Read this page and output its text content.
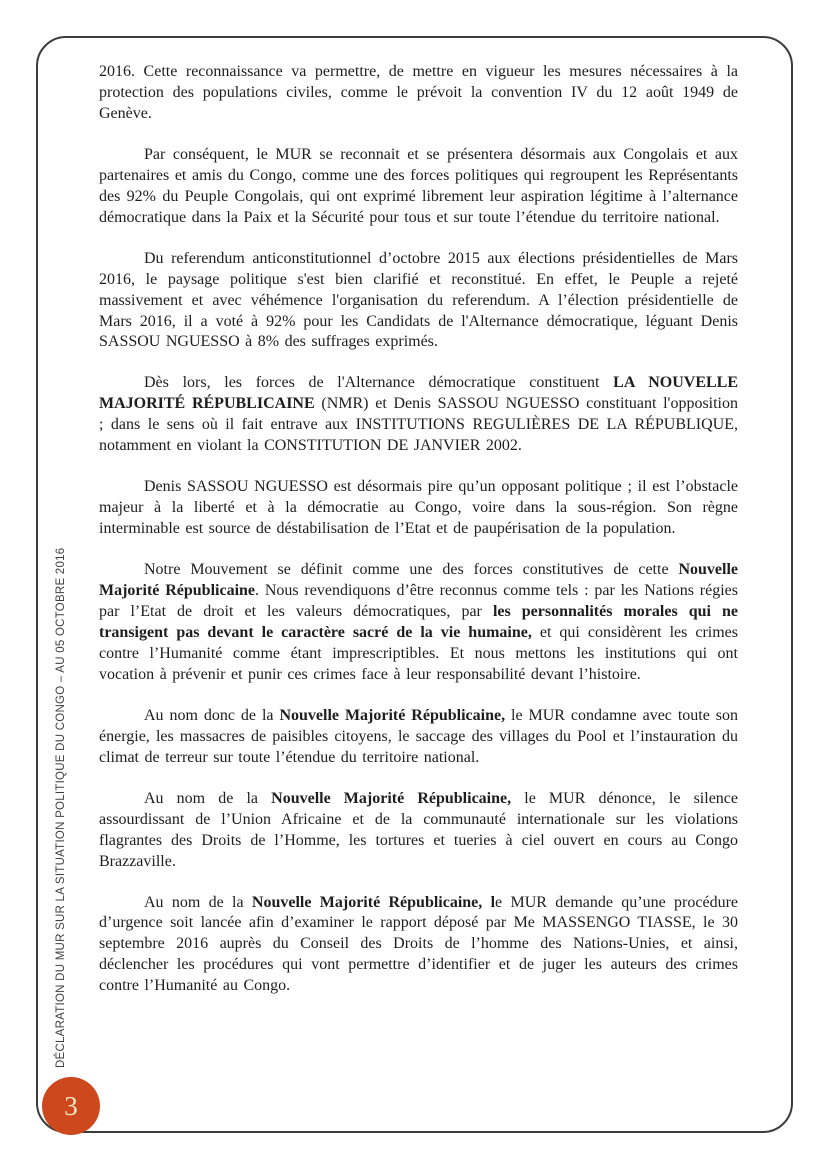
DÉCLARATION DU MUR SUR LA SITUATION POLITIQUE DU CONGO – AU 05 OCTOBRE 2016

2016. Cette reconnaissance va permettre, de mettre en vigueur les mesures nécessaires à la protection des populations civiles, comme le prévoit la convention IV du 12 août 1949 de Genève.

Par conséquent, le MUR se reconnait et se présentera désormais aux Congolais et aux partenaires et amis du Congo, comme une des forces politiques qui regroupent les Représentants des 92% du Peuple Congolais, qui ont exprimé librement leur aspiration légitime à l’alternance démocratique dans la Paix et la Sécurité pour tous et sur toute l’étendue du territoire national.

Du referendum anticonstitutionnel d’octobre 2015 aux élections présidentielles de Mars 2016, le paysage politique s'est bien clarifié et reconstitué. En effet, le Peuple a rejeté massivement et avec véhémence l'organisation du referendum. A l’élection présidentielle de Mars 2016, il a voté à 92% pour les Candidats de l'Alternance démocratique, léguant Denis SASSOU NGUESSO à 8% des suffrages exprimés.

Dès lors, les forces de l'Alternance démocratique constituent LA NOUVELLE MAJORITÉ RÉPUBLICAINE (NMR) et Denis SASSOU NGUESSO constituant l'opposition ; dans le sens où il fait entrave aux INSTITUTIONS REGULIÈRES DE LA RÉPUBLIQUE, notamment en violant la CONSTITUTION DE JANVIER 2002.

Denis SASSOU NGUESSO est désormais pire qu’un opposant politique ; il est l’obstacle majeur à la liberté et à la démocratie au Congo, voire dans la sous-région. Son règne interminable est source de déstabilisation de l’Etat et de paupérisation de la population.

Notre Mouvement se définit comme une des forces constitutives de cette Nouvelle Majorité Républicaine. Nous revendiquons d’être reconnus comme tels : par les Nations régies par l’Etat de droit et les valeurs démocratiques, par les personnalités morales qui ne transigent pas devant le caractère sacré de la vie humaine, et qui considèrent les crimes contre l’Humanité comme étant imprescriptibles. Et nous mettons les institutions qui ont vocation à prévenir et punir ces crimes face à leur responsabilité devant l’histoire.

Au nom donc de la Nouvelle Majorité Républicaine, le MUR condamne avec toute son énergie, les massacres de paisibles citoyens, le saccage des villages du Pool et l’instauration du climat de terreur sur toute l’étendue du territoire national.

Au nom de la Nouvelle Majorité Républicaine, le MUR dénonce, le silence assourdissant de l’Union Africaine et de la communauté internationale sur les violations flagrantes des Droits de l’Homme, les tortures et tueries à ciel ouvert en cours au Congo Brazzaville.

Au nom de la Nouvelle Majorité Républicaine, le MUR demande qu’une procédure d’urgence soit lancée afin d’examiner le rapport déposé par Me MASSENGO TIASSE, le 30 septembre 2016 auprès du Conseil des Droits de l’homme des Nations-Unies, et ainsi, déclencher les procédures qui vont permettre d’identifier et de juger les auteurs des crimes contre l’Humanité au Congo.

3
